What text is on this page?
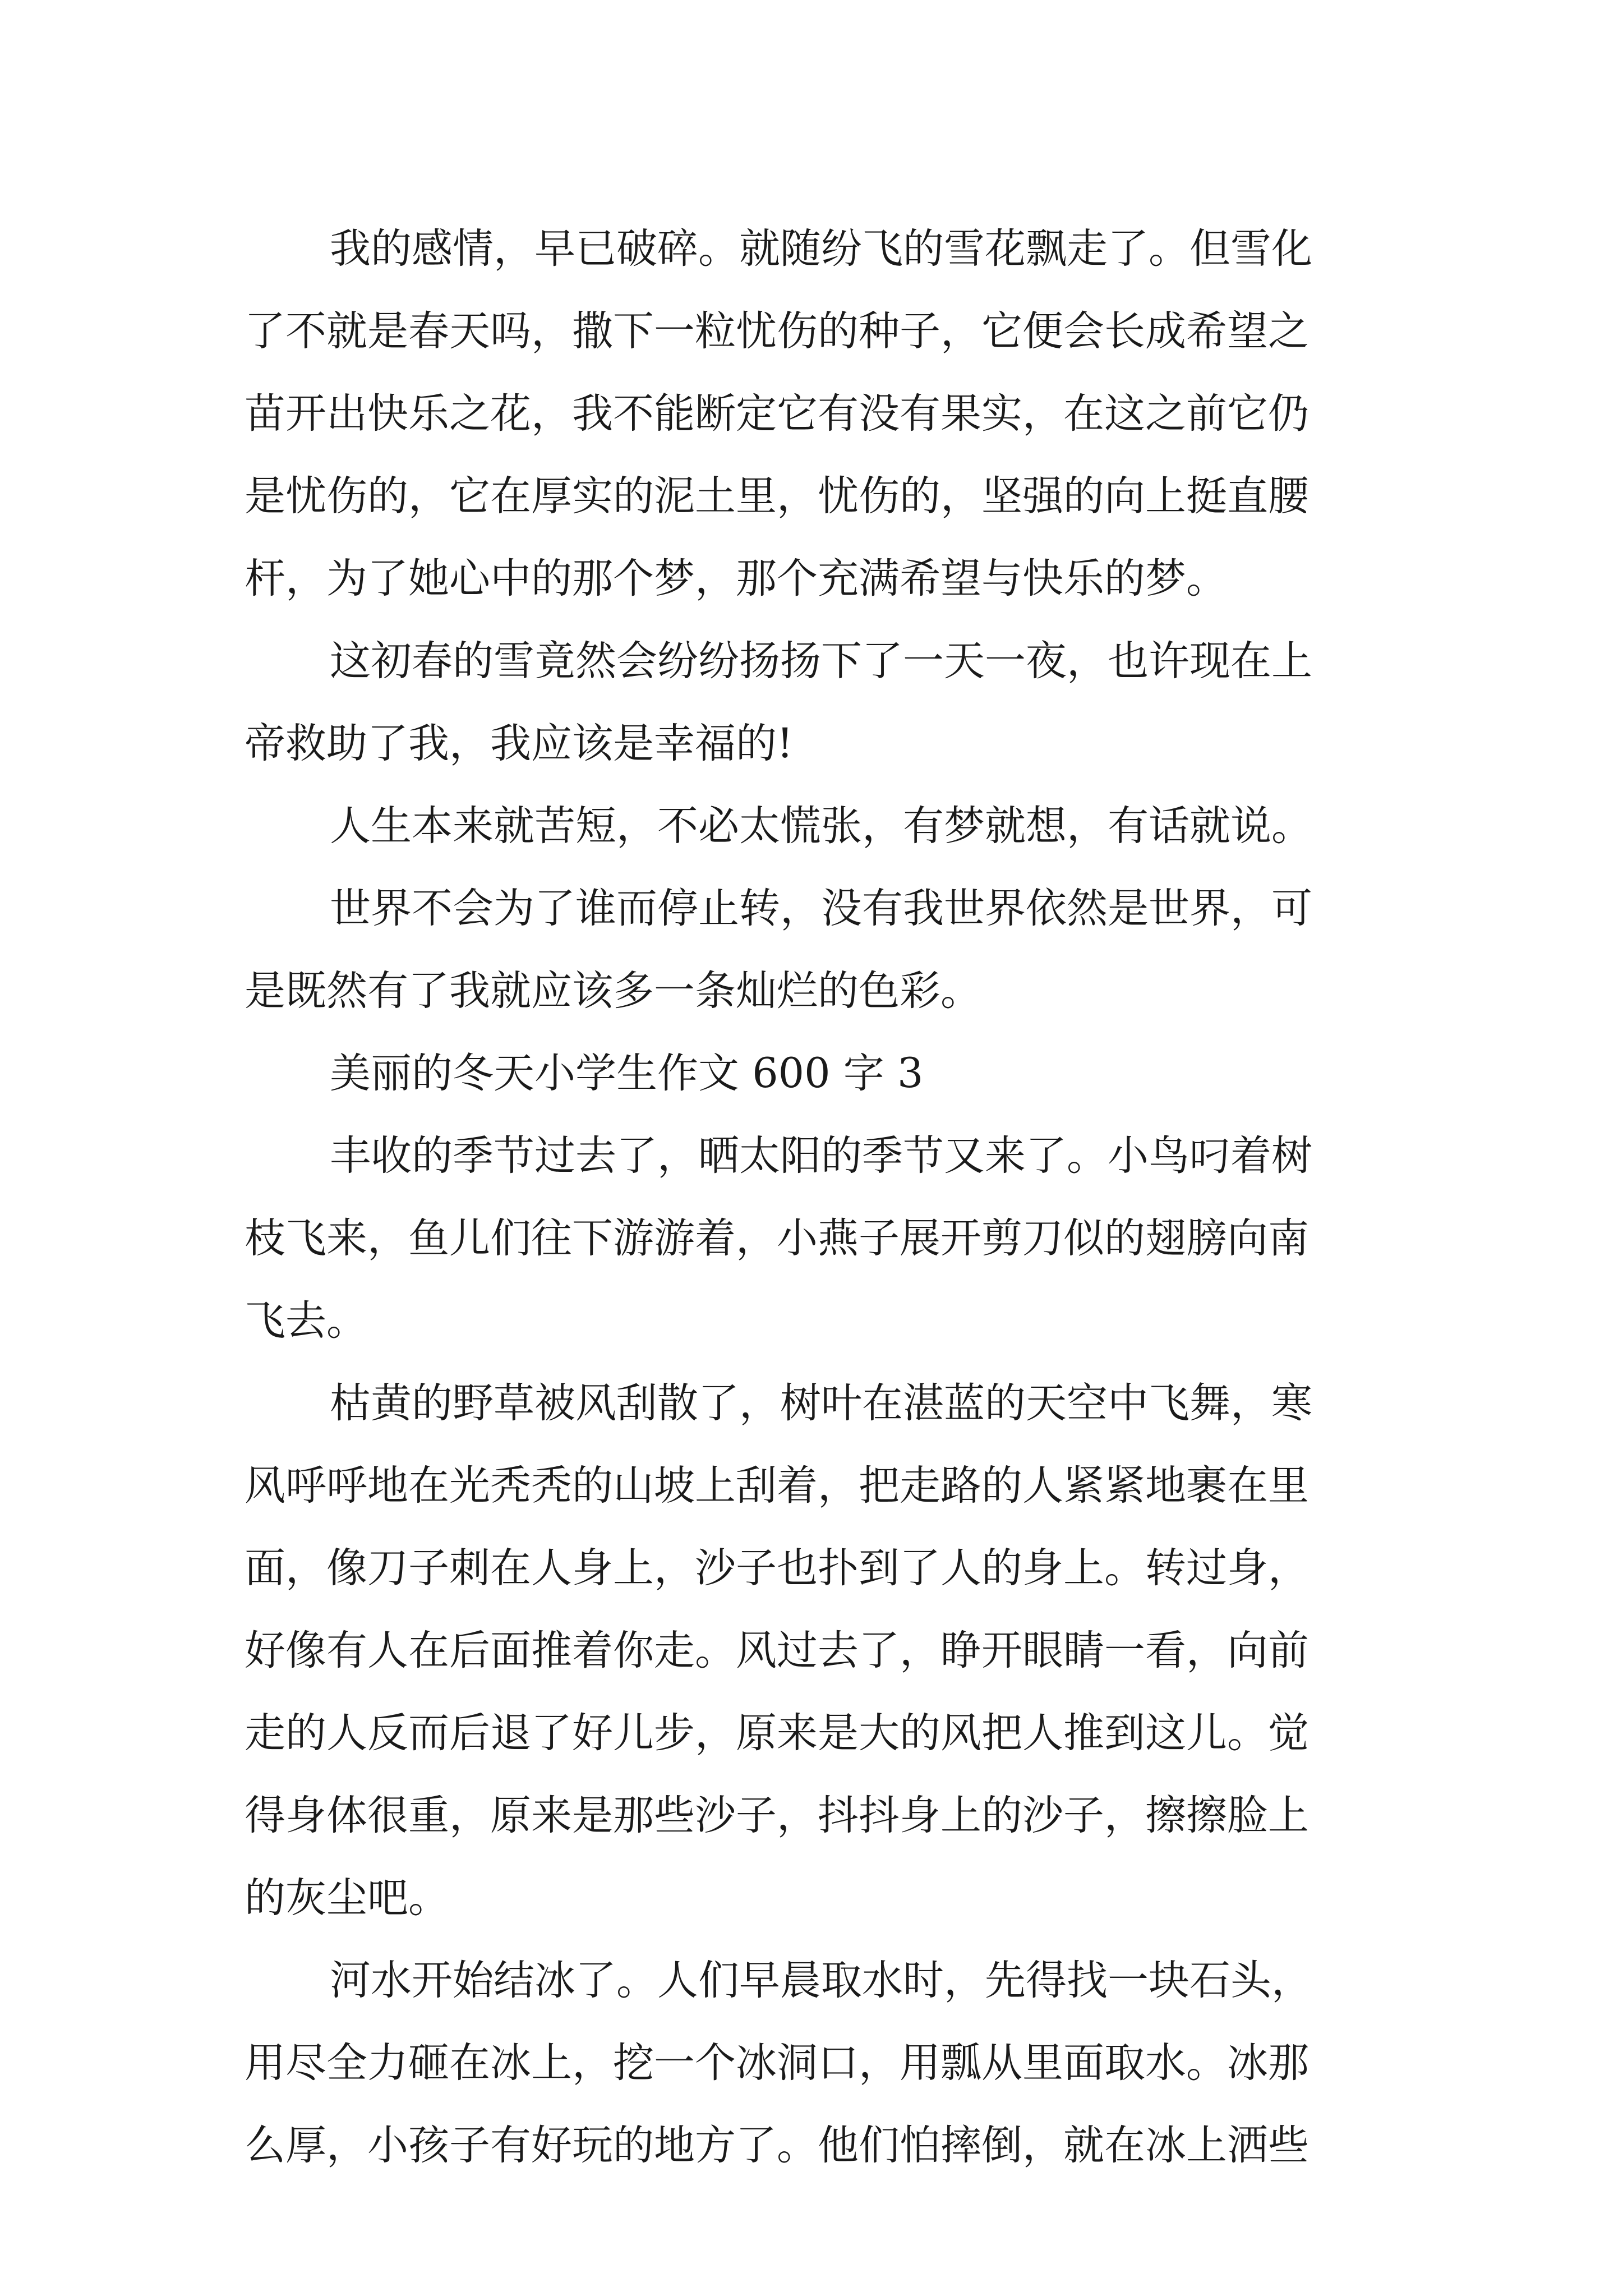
我的感情，早已破碎。就随纷飞的雪花飘走了。但雪化
了不就是春天吗，撒下一粒忧伤的种子，它便会长成希望之
苗开出快乐之花，我不能断定它有没有果实，在这之前它仍
是忧伤的，它在厚实的泥土里，忧伤的，坚强的向上挺直腰
杆，为了她心中的那个梦，那个充满希望与快乐的梦。
这初春的雪竟然会纷纷扬扬下了一天一夜，也许现在上
帝救助了我，我应该是幸福的!
人生本来就苦短，不必太慌张，有梦就想，有话就说。
世界不会为了谁而停止转，没有我世界依然是世界，可
是既然有了我就应该多一条灿烂的色彩。
美丽的冬天小学生作文 600 字 3
丰收的季节过去了，晒太阳的季节又来了。小鸟叼着树
枝飞来，鱼儿们往下游游着，小燕子展开剪刀似的翅膀向南
飞去。
枯黄的野草被风刮散了，树叶在湛蓝的天空中飞舞，寒
风呼呼地在光秃秃的山坡上刮着，把走路的人紧紧地裹在里
面，像刀子刺在人身上，沙子也扑到了人的身上。转过身，
好像有人在后面推着你走。风过去了，睁开眼睛一看，向前
走的人反而后退了好儿步，原来是大的风把人推到这儿。觉
得身体很重，原来是那些沙子，抖抖身上的沙子，擦擦脸上
的灰尘吧。
河水开始结冰了。人们早晨取水时，先得找一块石头，
用尽全力砸在冰上，挖一个冰洞口，用瓢从里面取水。冰那
么厚，小孩子有好玩的地方了。他们怕摔倒，就在冰上洒些
